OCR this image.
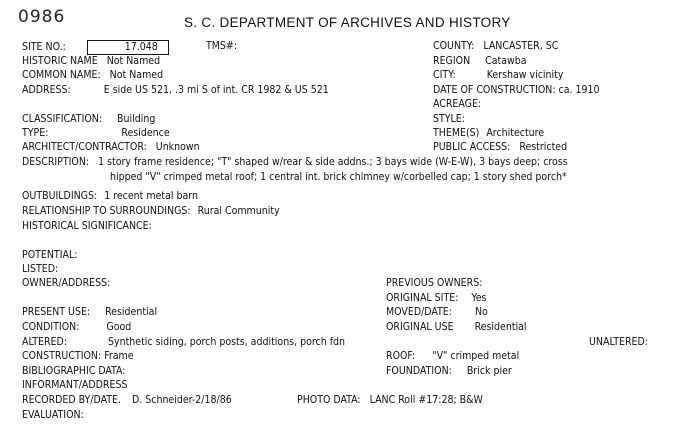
0986	S. C. DEPARTMENT OF ARCHIVES AND HISTORY
SITE NO.:	17.048	TMS#:
HISTORIC NAME Not Named
COMMON NAME: Not Named
ADDRESS:	E side US 521, .3 mi S of int. CR 1982 & US 521
COUNTY: LANCASTER, SC
REGION Catawba
CITY:	Kershaw vicinity
DATE OF CONSTRUCTION: ca. 1910
ACREAGE:
CLASSIFICATION: Building
TYPE:	Residence
ARCHITECT/CONTRACTOR: Unknown
STYLE:
THEME(S) Architecture
PUBLIC ACCESS: Restricted
DESCRIPTION: 1 story frame residence; "T" shaped w/rear & side addns.; 3 bays wide (W-E-W), 3 bays deep; cross
hipped "V" crimped metal roof; 1 central int. brick chimney w/corbelled cap; 1 story shed porch*
OUTBUILDINGS: 1 recent metal barn
RELATIONSHIP TO SURROUNDINGS: Rural Community
HISTORICAL SIGNIFICANCE:
POTENTIAL:
LISTED:
OWNER/ADDRESS:	PREVIOUS OWNERS:
ORIGINAL SITE: Yes
PRESENT USE: Residential	MOVED/DATE: No
CONDITION:	Good	ORIGINAL USE Residential
ALTERED:	Synthetic siding, porch posts, additions, porch fdn	UNALTERED:
CONSTRUCTION: Frame	ROOF: "V" crimped metal
BIBLIOGRAPHIC DATA:	FOUNDATION: Brick pier
INFORMANT/ADDRESS
RECORDED BY/DATE. D. Schneider-2/18/86	PHOTO DATA: LANC Roll #17:28; B&W
EVALUATION:
